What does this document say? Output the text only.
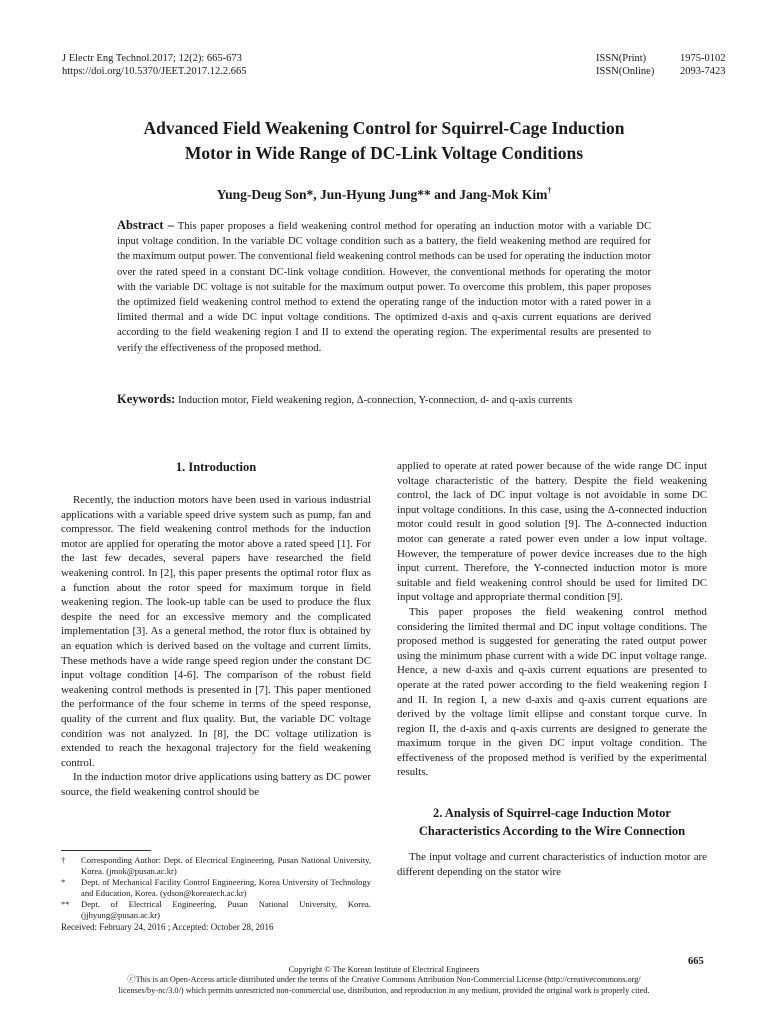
J Electr Eng Technol.2017; 12(2): 665-673
https://doi.org/10.5370/JEET.2017.12.2.665
ISSN(Print)	1975-0102
ISSN(Online)	2093-7423
Advanced Field Weakening Control for Squirrel-Cage Induction
Motor in Wide Range of DC-Link Voltage Conditions
Yung-Deug Son*, Jun-Hyung Jung** and Jang-Mok Kim†
Abstract – This paper proposes a field weakening control method for operating an induction motor with a variable DC input voltage condition. In the variable DC voltage condition such as a battery, the field weakening method are required for the maximum output power. The conventional field weakening control methods can be used for operating the induction motor over the rated speed in a constant DC-link voltage condition. However, the conventional methods for operating the motor with the variable DC voltage is not suitable for the maximum output power. To overcome this problem, this paper proposes the optimized field weakening control method to extend the operating range of the induction motor with a rated power in a limited thermal and a wide DC input voltage conditions. The optimized d-axis and q-axis current equations are derived according to the field weakening region I and II to extend the operating region. The experimental results are presented to verify the effectiveness of the proposed method.
Keywords: Induction motor, Field weakening region, Δ-connection, Y-connection, d- and q-axis currents
1. Introduction

Recently, the induction motors have been used in various industrial applications with a variable speed drive system such as pump, fan and compressor. The field weakening control methods for the induction motor are applied for operating the motor above a rated speed [1]. For the last few decades, several papers have researched the field weakening control. In [2], this paper presents the optimal rotor flux as a function about the rotor speed for maximum torque in field weakening region. The look-up table can be used to produce the flux despite the need for an excessive memory and the complicated implementation [3]. As a general method, the rotor flux is obtained by an equation which is derived based on the voltage and current limits. These methods have a wide range speed region under the constant DC input voltage condition [4-6]. The comparison of the robust field weakening control methods is presented in [7]. This paper mentioned the performance of the four scheme in terms of the speed response, quality of the current and flux quality. But, the variable DC voltage condition was not analyzed. In [8], the DC voltage utilization is extended to reach the hexagonal trajectory for the field weakening control.

In the induction motor drive applications using battery as DC power source, the field weakening control should be

applied to operate at rated power because of the wide range DC input voltage characteristic of the battery. Despite the field weakening control, the lack of DC input voltage is not avoidable in some DC input voltage conditions. In this case, using the Δ-connected induction motor could result in good solution [9]. The Δ-connected induction motor can generate a rated power even under a low input voltage. However, the temperature of power device increases due to the high input current. Therefore, the Y-connected induction motor is more suitable and field weakening control should be used for limited DC input voltage and appropriate thermal condition [9].

This paper proposes the field weakening control method considering the limited thermal and DC input voltage conditions. The proposed method is suggested for generating the rated output power using the minimum phase current with a wide DC input voltage range. Hence, a new d-axis and q-axis current equations are presented to operate at the rated power according to the field weakening region I and II. In region I, a new d-axis and q-axis current equations are derived by the voltage limit ellipse and constant torque curve. In region II, the d-axis and q-axis currents are designed to generate the maximum torque in the given DC input voltage condition. The effectiveness of the proposed method is verified by the experimental results.

2. Analysis of Squirrel-cage Induction Motor
Characteristics According to the Wire Connection

The input voltage and current characteristics of induction motor are different depending on the stator wire

†	Corresponding Author: Dept. of Electrical Engineering, Pusan National University, Korea. (jmok@pusan.ac.kr)
*	Dept. of Mechanical Facility Control Engineering, Korea University of Technology and Education, Korea. (ydson@koreatech.ac.kr)
**	Dept. of Electrical Engineering, Pusan National University, Korea. (jjhyung@pusan.ac.kr)
Received: February 24, 2016 ; Accepted: October 28, 2016
665
Copyright © The Korean Institute of Electrical Engineers
ⓒThis is an Open-Access article distributed under the terms of the Creative Commons Attribution Non-Commercial License (http://creativecommons.org/
licenses/by-nc/3.0/) which permits unrestricted non-commercial use, distribution, and reproduction in any medium, provided the original work is properly cited.
